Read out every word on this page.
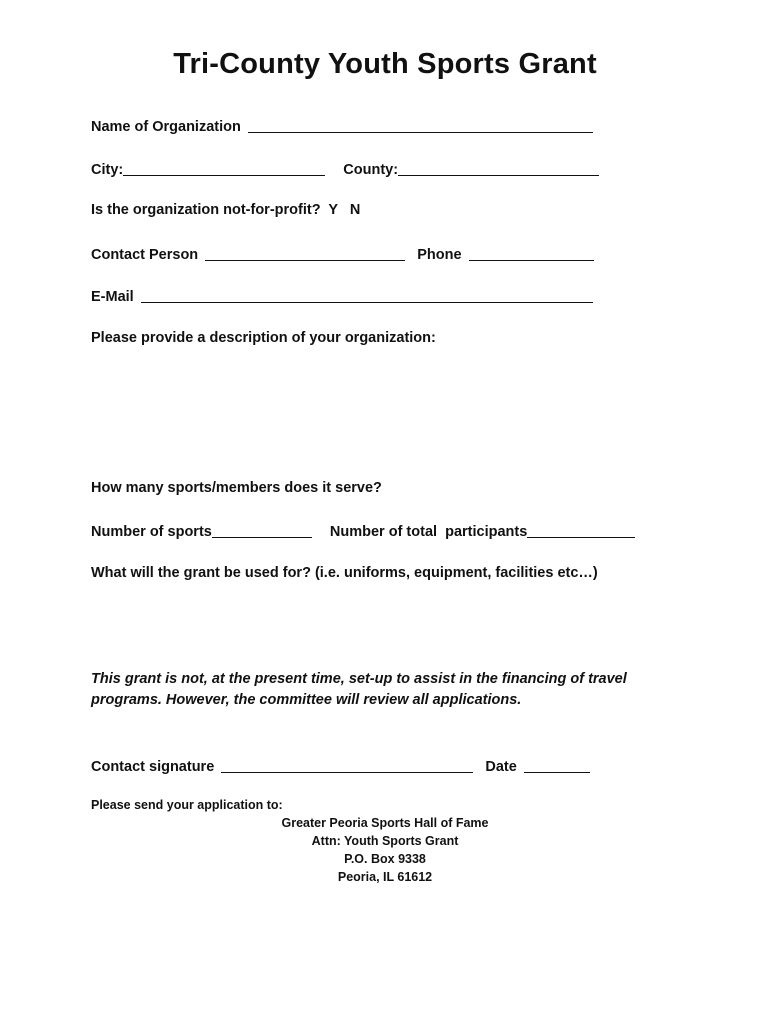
Tri-County Youth Sports Grant
Name of Organization
City:	County:
Is the organization not-for-profit?  Y   N
Contact Person	Phone
E-Mail
Please provide a description of your organization:
How many sports/members does it serve?
Number of sports	Number of total  participants
What will the grant be used for? (i.e. uniforms, equipment, facilities etc…)
This grant is not, at the present time, set-up to assist in the financing of travel
programs. However, the committee will review all applications.
Contact signature	Date
Please send your application to:
Greater Peoria Sports Hall of Fame
Attn: Youth Sports Grant
P.O. Box 9338
Peoria, IL 61612
